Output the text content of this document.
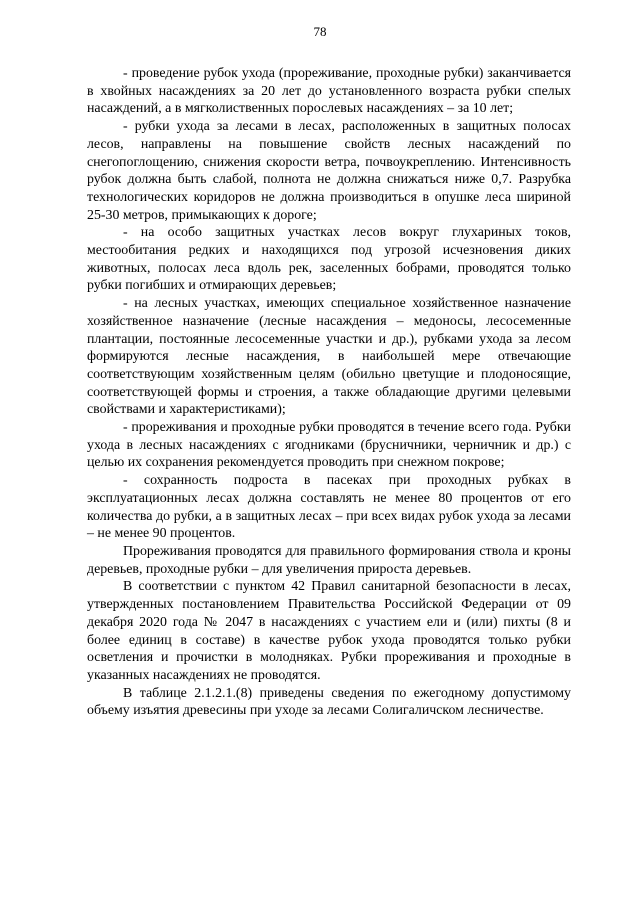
78

- проведение рубок ухода (прореживание, проходные рубки) заканчивается в хвойных насаждениях за 20 лет до установленного возраста рубки спелых насаждений, а в мягколиственных порослевых насаждениях – за 10 лет;

- рубки ухода за лесами в лесах, расположенных в защитных полосах лесов, направлены на повышение свойств лесных насаждений по снегопоглощению, снижения скорости ветра, почвоукреплению. Интенсивность рубок должна быть слабой, полнота не должна снижаться ниже 0,7. Разрубка технологических коридоров не должна производиться в опушке леса шириной 25-30 метров, примыкающих к дороге;

- на особо защитных участках лесов вокруг глухариных токов, местообитания редких и находящихся под угрозой исчезновения диких животных, полосах леса вдоль рек, заселенных бобрами, проводятся только рубки погибших и отмирающих деревьев;

- на лесных участках, имеющих специальное хозяйственное назначение хозяйственное назначение (лесные насаждения – медоносы, лесосеменные плантации, постоянные лесосеменные участки и др.), рубками ухода за лесом формируются лесные насаждения, в наибольшей мере отвечающие соответствующим хозяйственным целям (обильно цветущие и плодоносящие, соответствующей формы и строения, а также обладающие другими целевыми свойствами и характеристиками);

- прореживания и проходные рубки проводятся в течение всего года. Рубки ухода в лесных насаждениях с ягодниками (брусничники, черничник и др.) с целью их сохранения рекомендуется проводить при снежном покрове;

- сохранность подроста в пасеках при проходных рубках в эксплуатационных лесах должна составлять не менее 80 процентов от его количества до рубки, а в защитных лесах – при всех видах рубок ухода за лесами – не менее 90 процентов.

Прореживания проводятся для правильного формирования ствола и кроны деревьев, проходные рубки – для увеличения прироста деревьев.

В соответствии с пунктом 42 Правил санитарной безопасности в лесах, утвержденных постановлением Правительства Российской Федерации от 09 декабря 2020 года № 2047 в насаждениях с участием ели и (или) пихты (8 и более единиц в составе) в качестве рубок ухода проводятся только рубки осветления и прочистки в молодняках. Рубки прореживания и проходные в указанных насаждениях не проводятся.

В таблице 2.1.2.1.(8) приведены сведения по ежегодному допустимому объему изъятия древесины при уходе за лесами Солигаличском лесничестве.
